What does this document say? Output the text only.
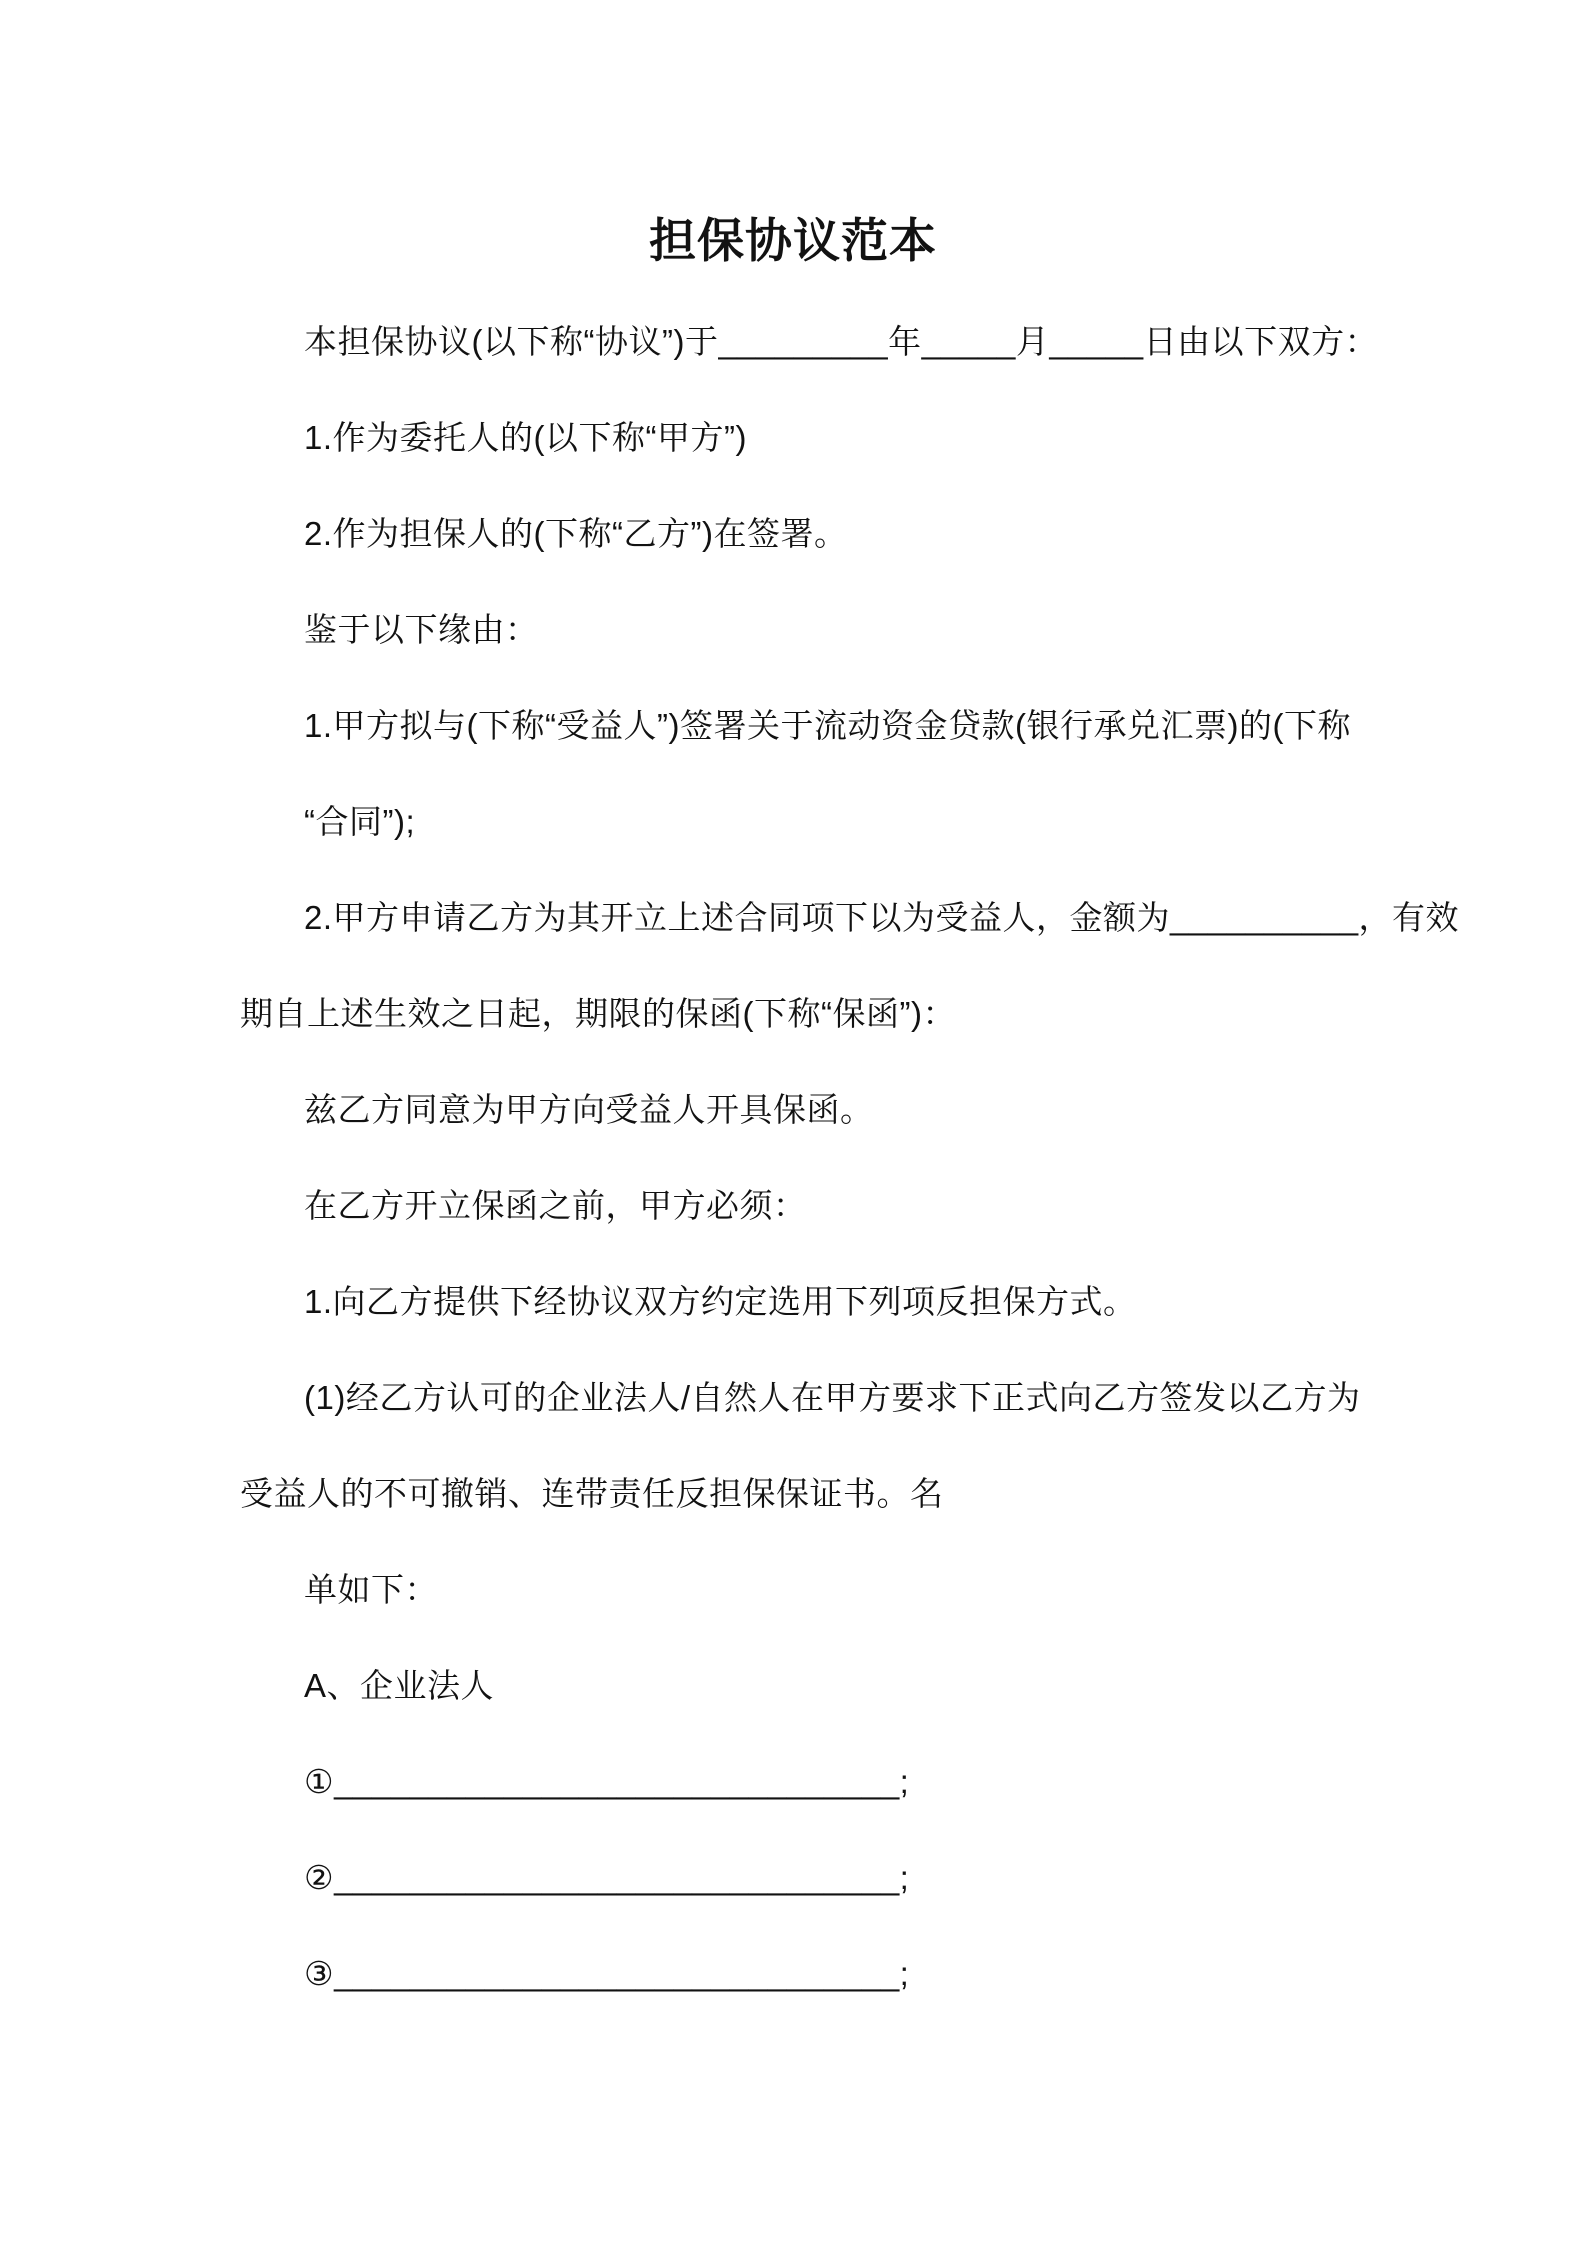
担保协议范本
本担保协议(以下称“协议”)于_________年_____月_____日由以下双方：
1.作为委托人的(以下称“甲方”)
2.作为担保人的(下称“乙方”)在签署。
鉴于以下缘由：
1.甲方拟与(下称“受益人”)签署关于流动资金贷款(银行承兑汇票)的(下称
“合同”);
2.甲方申请乙方为其开立上述合同项下以为受益人，金额为__________，有效
期自上述生效之日起，期限的保函(下称“保函”)：
兹乙方同意为甲方向受益人开具保函。
在乙方开立保函之前，甲方必须：
1.向乙方提供下经协议双方约定选用下列项反担保方式。
(1)经乙方认可的企业法人/自然人在甲方要求下正式向乙方签发以乙方为
受益人的不可撤销、连带责任反担保保证书。名
单如下：
A、企业法人
①______________________________;
②______________________________;
③______________________________;
